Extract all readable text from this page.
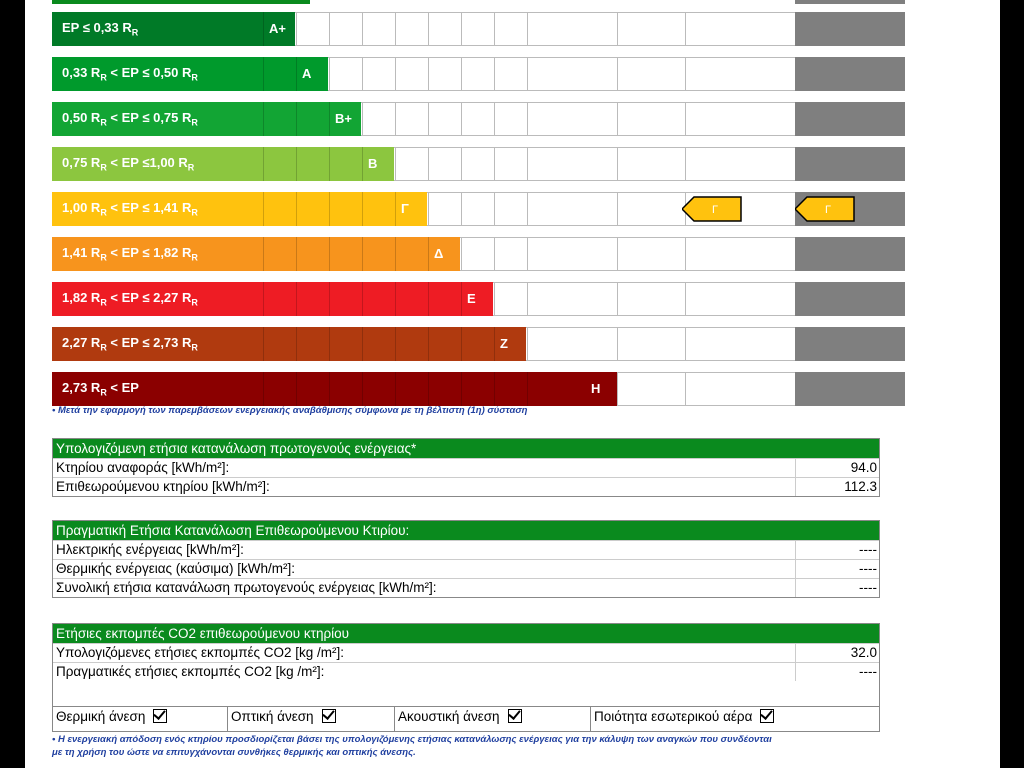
EP ≤ 0,33 $R_R$	A+
0,33 $R_R$ < EP ≤ 0,50 $R_R$	A
0,50 $R_R$ < EP ≤ 0,75 $R_R$	B+
0,75 $R_R$ < EP ≤1,00 $R_R$	B
1,00 $R_R$ < EP ≤ 1,41 $R_R$	Γ	Γ	Γ
1,41 $R_R$ < EP ≤ 1,82 $R_R$	Δ
1,82 $R_R$ < EP ≤ 2,27 $R_R$	E
2,27 $R_R$ < EP ≤ 2,73 $R_R$	Z
2,73 $R_R$ < EP	H
• Μετά την εφαρμογή των παρεμβάσεων ενεργειακής αναβάθμισης σύμφωνα με τη βέλτιστη (1η) σύσταση
Υπολογιζόμενη ετήσια κατανάλωση πρωτογενούς ενέργειας*
Κτηρίου αναφοράς [kWh/m²]:	94.0
Επιθεωρούμενου κτηρίου [kWh/m²]:	112.3
Πραγματική Ετήσια Κατανάλωση Επιθεωρούμενου Κτιρίου:
Ηλεκτρικής ενέργειας [kWh/m²]:	----
Θερμικής ενέργειας (καύσιμα) [kWh/m²]:	----
Συνολική ετήσια κατανάλωση πρωτογενούς ενέργειας [kWh/m²]:	----
Ετήσιες εκπομπές CO2 επιθεωρούμενου κτηρίου
Υπολογιζόμενες ετήσιες εκπομπές CO2 [kg /m²]:	32.0
Πραγματικές ετήσιες εκπομπές CO2 [kg /m²]:	----
Θερμική άνεση	Οπτική άνεση	Ακουστική άνεση	Ποιότητα εσωτερικού αέρα
• Η ενεργειακή απόδοση ενός κτηρίου προσδιορίζεται βάσει της υπολογιζόμενης ετήσιας κατανάλωσης ενέργειας για την κάλυψη των αναγκών που συνδέονται
με τη χρήση του ώστε να επιτυγχάνονται συνθήκες θερμικής και οπτικής άνεσης.
